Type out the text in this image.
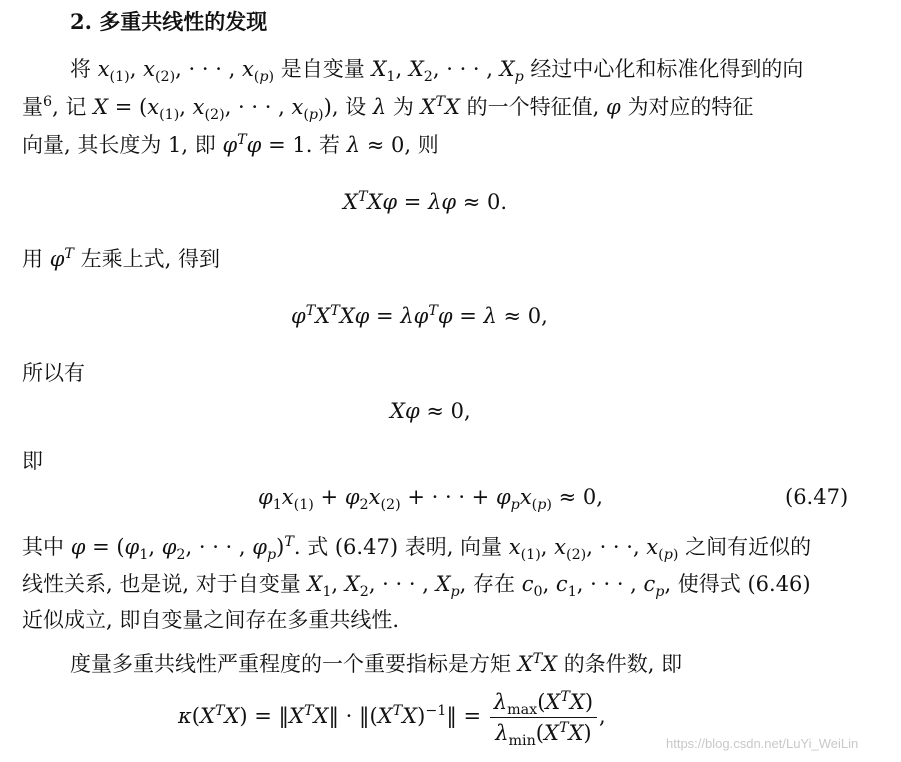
2. 多重共线性的发现
将 $x_{(1)}$, $x_{(2)}$, · · · , $x_{(p)}$ 是自变量 $X_1$, $X_2$, · · · , $X_p$ 经过中心化和标准化得到的向
量$^6$, 记 $X = (x_{(1)}$, $x_{(2)}$, · · · , $x_{(p)}$), 设 λ 为 $X^TX$ 的一个特征值, φ 为对应的特征
向量, 其长度为 1, 即 $\varphi^T\varphi = 1$. 若 λ ≈ 0, 则
$X^TX\varphi = \lambda\varphi \approx 0$.
用 $\varphi^T$ 左乘上式, 得到
$\varphi^TX^TX\varphi = \lambda\varphi^T\varphi = \lambda \approx 0$,
所以有
Xφ ≈ 0,
即
$\varphi_1x_{(1)} + \varphi_2x_{(2)}$ + · · · + $\varphi_px_{(p)} \approx 0$,	(6.47)
其中 $\varphi = (\varphi_1$, $\varphi_2$, · · · , $\varphi_p)^T$. 式 (6.47) 表明, 向量 $x_{(1)}$, $x_{(2)}$, · · ·, $x_{(p)}$ 之间有近似的
线性关系, 也是说, 对于自变量 $X_1$, $X_2$, · · · , $X_p$, 存在 $c_0$, $c_1$, · · · , $c_p$, 使得式 (6.46)
近似成立, 即自变量之间存在多重共线性.
度量多重共线性严重程度的一个重要指标是方矩 $X^TX$ 的条件数, 即
$\kappa(X^TX)$ = $‖X^TX‖$ · $‖(X^TX)^{-1}‖ = \frac{\lambda_{max}(X^TX)}{\lambda_{min}(X^TX)}$ ,
https://blog.csdn.net/LuYi_WeiLin
